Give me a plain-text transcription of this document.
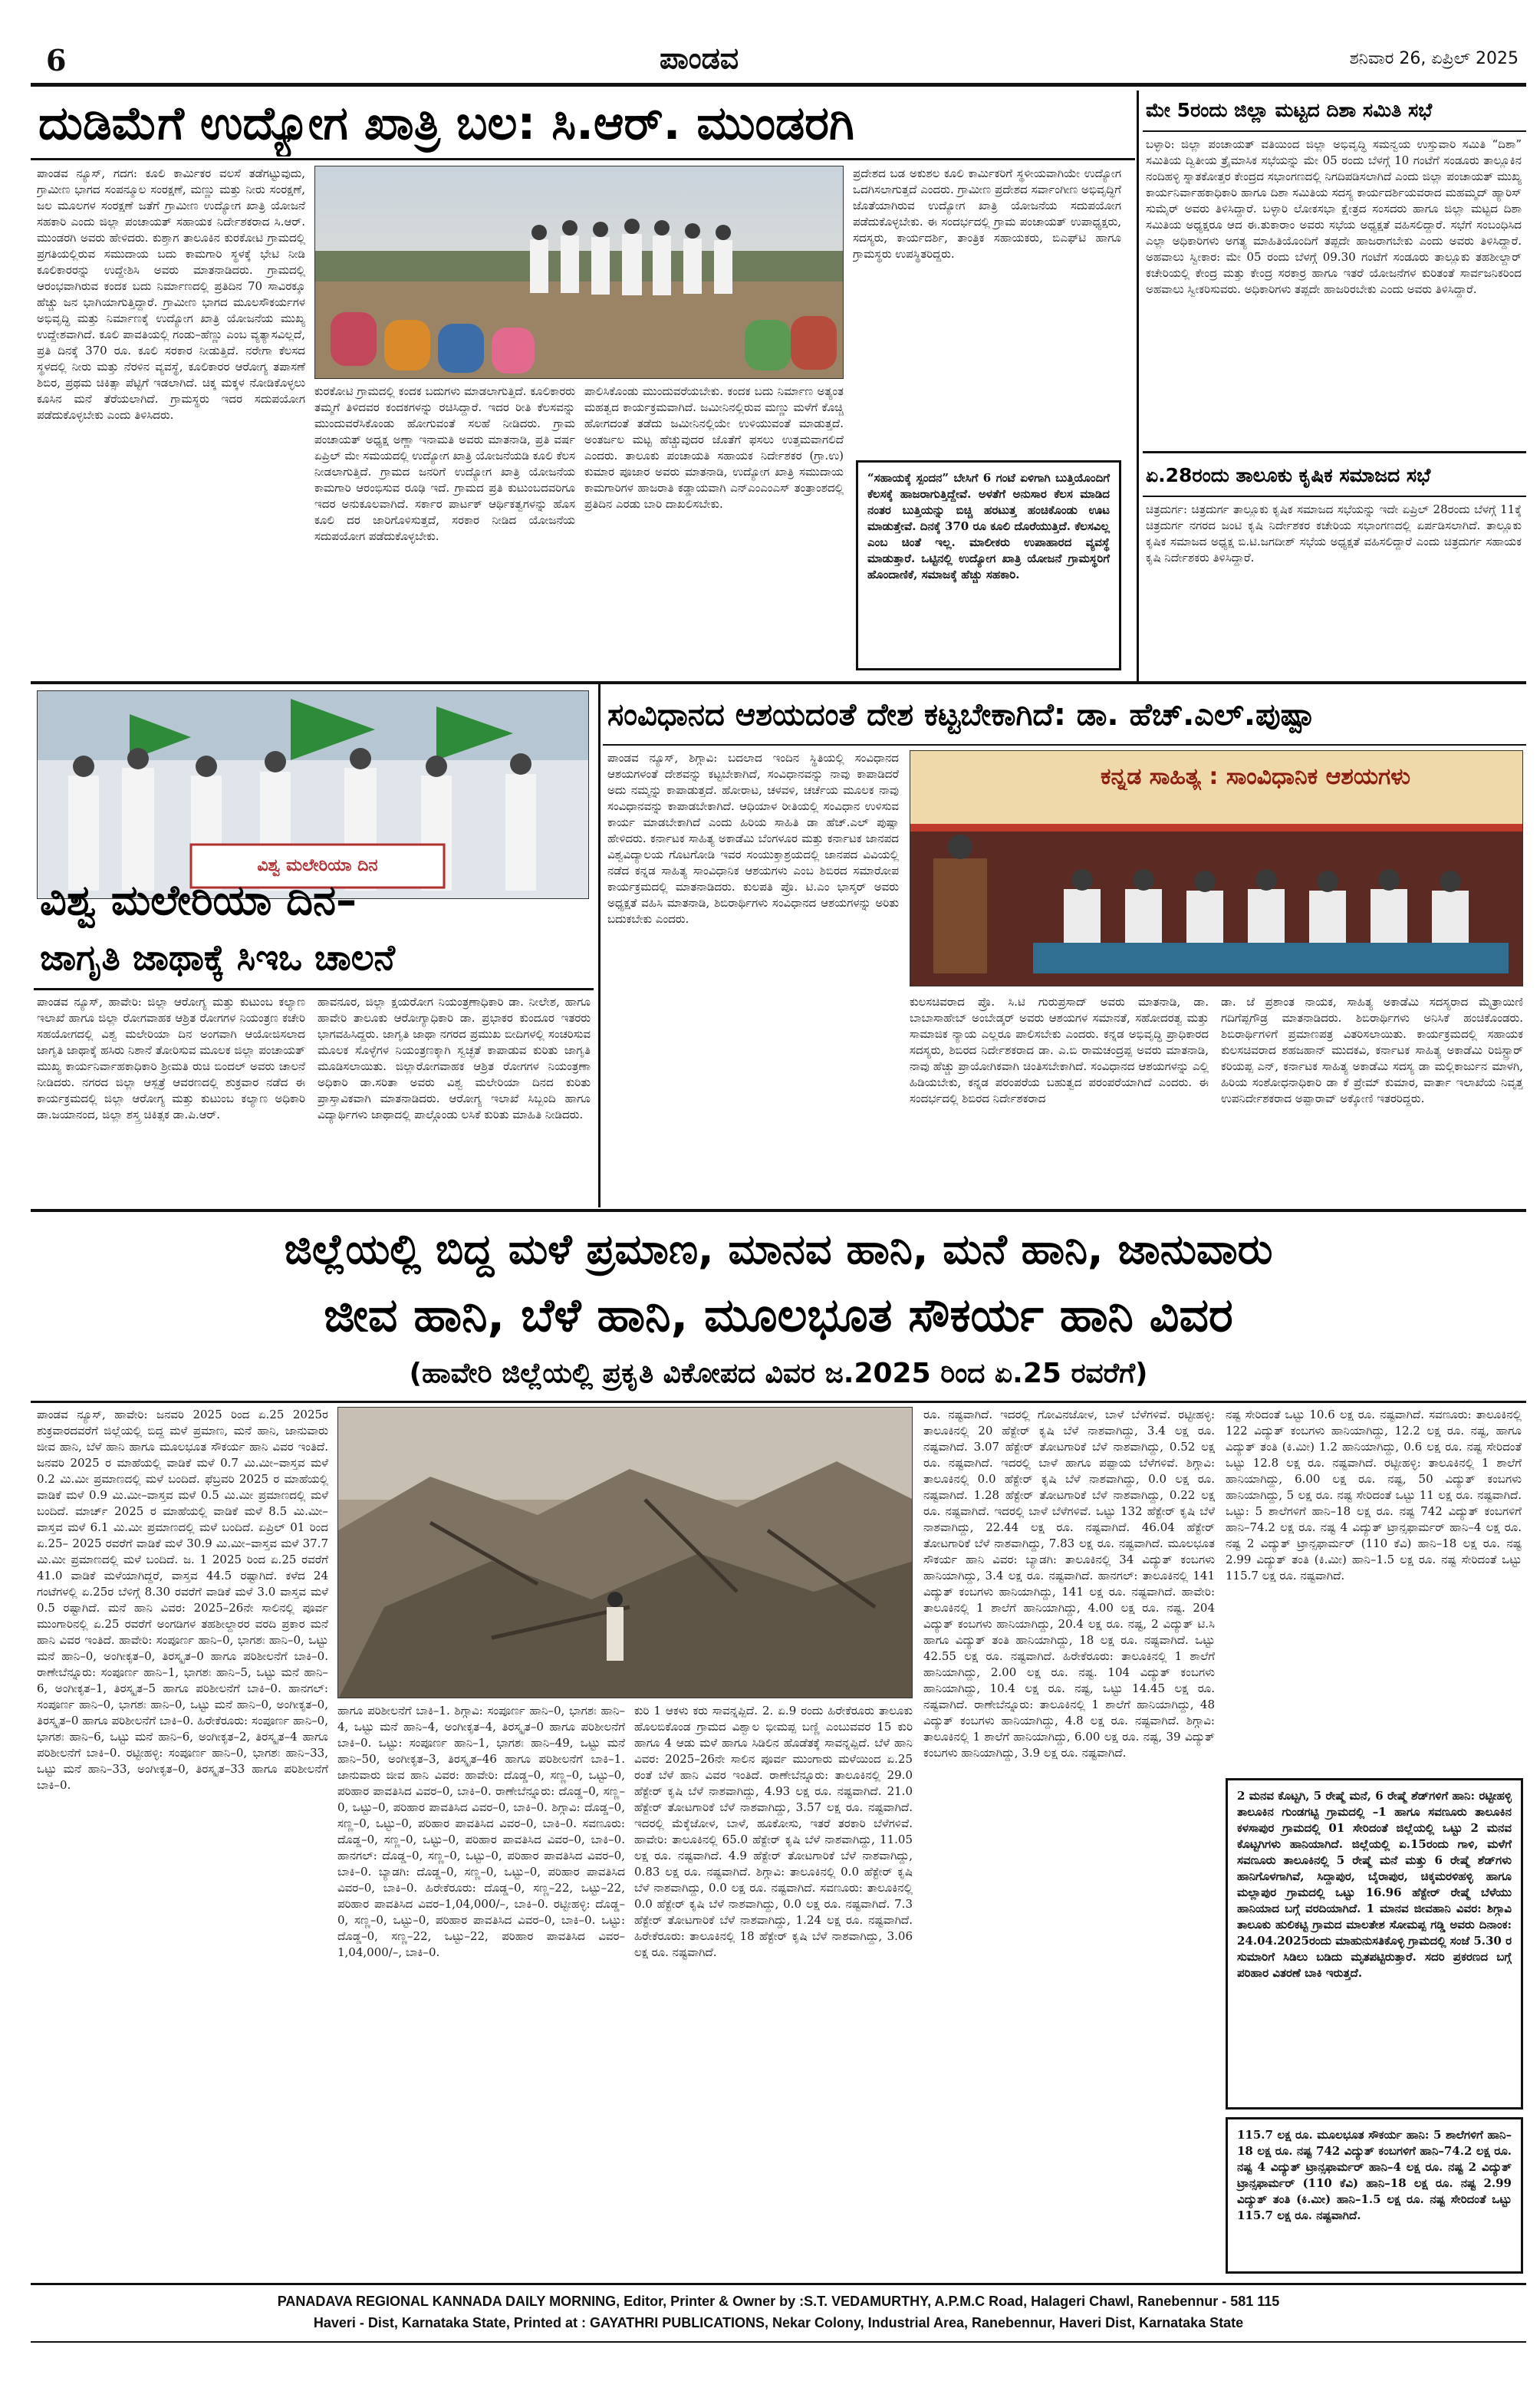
6	ಪಾಂಡವ	ಶನಿವಾರ 26, ಏಪ್ರಿಲ್ 2025
ದುಡಿಮೆಗೆ ಉದ್ಯೋಗ ಖಾತ್ರಿ ಬಲ: ಸಿ.ಆರ್. ಮುಂಡರಗಿ
ಪಾಂಡವ ನ್ಯೂಸ್, ಗದಗ: ಕೂಲಿ ಕಾರ್ಮಿಕರ ವಲಸೆ ತಡೆಗಟ್ಟುವುದು, ಗ್ರಾಮೀಣ ಭಾಗದ ಸಂಪನ್ಮೂಲ ಸಂರಕ್ಷಣೆ, ಮಣ್ಣು ಮತ್ತು ನೀರು ಸಂರಕ್ಷಣೆ, ಜಲ ಮೂಲಗಳ ಸಂರಕ್ಷಣೆ ಜತೆಗೆ ಗ್ರಾಮೀಣ ಉದ್ಯೋಗ ಖಾತ್ರಿ ಯೋಜನೆ ಸಹಕಾರಿ ಎಂದು ಜಿಲ್ಲಾ ಪಂಚಾಯತ್ ಸಹಾಯಕ ನಿರ್ದೇಶಕರಾದ ಸಿ.ಆರ್. ಮುಂಡರಗಿ ಅವರು ಹೇಳಿದರು. ಕುಶ್ತಾಗ ತಾಲೂಕಿನ ಕುರಕೋಟಿ ಗ್ರಾಮದಲ್ಲಿ ಪ್ರಗತಿಯಲ್ಲಿರುವ ಸಮುದಾಯ ಬದು ಕಾಮಗಾರಿ ಸ್ಥಳಕ್ಕೆ ಭೇಟಿ ನೀಡಿ ಕೂಲಿಕಾರರನ್ನು ಉದ್ದೇಶಿಸಿ ಅವರು ಮಾತನಾಡಿದರು. ಗ್ರಾಮದಲ್ಲಿ ಆರಂಭವಾಗಿರುವ ಕಂದಕ ಬದು ನಿರ್ಮಾಣದಲ್ಲಿ ಪ್ರತಿದಿನ 70 ಸಾವಿರಕ್ಕೂ ಹೆಚ್ಚು ಜನ ಭಾಗಿಯಾಗುತ್ತಿದ್ದಾರೆ. ಗ್ರಾಮೀಣ ಭಾಗದ ಮೂಲಸೌಕರ್ಯಗಳ ಅಭಿವೃದ್ಧಿ ಮತ್ತು ನಿರ್ಮಾಣಕ್ಕೆ ಉದ್ಯೋಗ ಖಾತ್ರಿ ಯೋಜನೆಯ ಮುಖ್ಯ ಉದ್ದೇಶವಾಗಿದೆ. ಕೂಲಿ ಪಾವತಿಯಲ್ಲಿ ಗಂಡು–ಹೆಣ್ಣು ಎಂಬ ವ್ಯತ್ಯಾಸವಿಲ್ಲದೆ, ಪ್ರತಿ ದಿನಕ್ಕೆ 370 ರೂ. ಕೂಲಿ ಸರಕಾರ ನೀಡುತ್ತಿದೆ. ನರೇಗಾ ಕೆಲಸದ ಸ್ಥಳದಲ್ಲಿ ನೀರು ಮತ್ತು ನೆರಳಿನ ವ್ಯವಸ್ಥೆ, ಕೂಲಿಕಾರರ ಆರೋಗ್ಯ ತಪಾಸಣೆ ಶಿಬಿರ, ಪ್ರಥಮ ಚಿಕಿತ್ಸಾ ಪೆಟ್ಟಿಗೆ ಇಡಲಾಗಿದೆ. ಚಿಕ್ಕ ಮಕ್ಕಳ ನೋಡಿಕೊಳ್ಳಲು ಕೂಸಿನ ಮನೆ ತೆರೆಯಲಾಗಿದೆ. ಗ್ರಾಮಸ್ಥರು ಇದರ ಸದುಪಯೋಗ ಪಡೆದುಕೊಳ್ಳಬೇಕು ಎಂದು ತಿಳಿಸಿದರು.
ಕುರಕೋಟಿ ಗ್ರಾಮದಲ್ಲಿ ಕಂದಕ ಬದುಗಳು ಮಾಡಲಾಗುತ್ತಿದೆ. ಕೂಲಿಕಾರರು ತಮ್ಮಗೆ ತಿಳಿದವರ ಕಂದಕಗಳನ್ನು ರಚಿಸಿದ್ದಾರೆ. ಇದರ ರೀತಿ ಕೆಲಸವನ್ನು ಮುಂದುವರೆಸಿಕೊಂಡು ಹೋಗುವಂತೆ ಸಲಹೆ ನೀಡಿದರು. ಗ್ರಾಮ ಪಂಚಾಯತ್ ಅಧ್ಯಕ್ಷ ಅಣ್ಣಾ ಇನಾಮತಿ ಅವರು ಮಾತನಾಡಿ, ಪ್ರತಿ ವರ್ಷ ಏಪ್ರಿಲ್ ಮೇ ಸಮಯದಲ್ಲಿ ಉದ್ಯೋಗ ಖಾತ್ರಿ ಯೋಜನೆಯಡಿ ಕೂಲಿ ಕೆಲಸ ನೀಡಲಾಗುತ್ತಿದೆ. ಗ್ರಾಮದ ಜನರಿಗೆ ಉದ್ಯೋಗ ಖಾತ್ರಿ ಯೋಜನೆಯ ಕಾಮಗಾರಿ ಆರಂಭಿಸುವ ರೂಢಿ ಇದೆ. ಗ್ರಾಮದ ಪ್ರತಿ ಕುಟುಂಬದವರಿಗೂ ಇದರ ಅನುಕೂಲವಾಗಿದೆ. ಸರ್ಕಾರ ಪಾರ್ಟಕ್ ಆರ್ಥಿಕತ್ವಗಳನ್ನು ಹೊಸ ಕೂಲಿ ದರ ಜಾರಿಗೊಳಿಸುತ್ತದೆ, ಸರಕಾರ ನೀಡಿದ ಯೋಜನೆಯ ಸದುಪಯೋಗ ಪಡೆದುಕೊಳ್ಳಬೇಕು.
ಪಾಲಿಸಿಕೊಂಡು ಮುಂದುವರೆಯಬೇಕು. ಕಂದಕ ಬದು ನಿರ್ಮಾಣ ಅತ್ಯಂತ ಮಹತ್ವದ ಕಾರ್ಯಕ್ರಮವಾಗಿದೆ. ಜಮೀನಿನಲ್ಲಿರುವ ಮಣ್ಣು ಮಳೆಗೆ ಕೊಚ್ಚಿ ಹೋಗದಂತೆ ತಡೆದು ಜಮೀನಿನಲ್ಲಿಯೇ ಉಳಿಯುವಂತೆ ಮಾಡುತ್ತದೆ. ಅಂತರ್ಜಲ ಮಟ್ಟ ಹೆಚ್ಚುವುದರ ಜೊತೆಗೆ ಫಸಲು ಉತ್ತಮವಾಗಲಿದೆ ಎಂದರು. ತಾಲೂಕು ಪಂಚಾಯತಿ ಸಹಾಯಕ ನಿರ್ದೇಶಕರ (ಗ್ರಾ.ಉ) ಕುಮಾರ ಪೂಜಾರ ಅವರು ಮಾತನಾಡಿ, ಉದ್ಯೋಗ ಖಾತ್ರಿ ಸಮುದಾಯ ಕಾಮಗಾರಿಗಳ ಹಾಜರಾತಿ ಕಡ್ಡಾಯವಾಗಿ ಎನ್‌ಎಂಎಂಎಸ್ ತಂತ್ರಾಂಶದಲ್ಲಿ ಪ್ರತಿದಿನ ಎರಡು ಬಾರಿ ದಾಖಲಿಸಬೇಕು.
ಪ್ರದೇಶದ ಬಡ ಅಕುಶಲ ಕೂಲಿ ಕಾರ್ಮಿಕರಿಗೆ ಸ್ಥಳೀಯವಾಗಿಯೇ ಉದ್ಯೋಗ ಒದಗಿಸಲಾಗುತ್ತದೆ ಎಂದರು. ಗ್ರಾಮೀಣ ಪ್ರದೇಶದ ಸರ್ವಾಂಗೀಣ ಅಭಿವೃದ್ಧಿಗೆ ಜೊತೆಯಾಗಿರುವ ಉದ್ಯೋಗ ಖಾತ್ರಿ ಯೋಜನೆಯ ಸದುಪಯೋಗ ಪಡೆದುಕೊಳ್ಳಬೇಕು. ಈ ಸಂದರ್ಭದಲ್ಲಿ ಗ್ರಾಮ ಪಂಚಾಯತ್ ಉಪಾಧ್ಯಕ್ಷರು, ಸದಸ್ಯರು, ಕಾರ್ಯದರ್ಶಿ, ತಾಂತ್ರಿಕ ಸಹಾಯಕರು, ಬಿಎಫ್‌ಟಿ ಹಾಗೂ ಗ್ರಾಮಸ್ಥರು ಉಪಸ್ಥಿತರಿದ್ದರು.
“ಸಹಾಯಕ್ಕೆ ಸ್ಪಂದನ” ಬೇಸಿಗೆ 6 ಗಂಟೆ ಏಳಿಗಾಗಿ ಬುತ್ತಿಯೊಂದಿಗೆ ಕೆಲಸಕ್ಕೆ ಹಾಜರಾಗುತ್ತಿದ್ದೇವೆ. ಅಳತೆಗೆ ಅನುಸಾರ ಕೆಲಸ ಮಾಡಿದ ನಂತರ ಬುತ್ತಿಯನ್ನು ಬಿಚ್ಚಿ ಹರಟುತ್ತ ಹಂಚಿಕೊಂಡು ಊಟ ಮಾಡುತ್ತೇವೆ. ದಿನಕ್ಕೆ 370 ರೂ ಕೂಲಿ ದೊರೆಯುತ್ತಿದೆ. ಕೆಲಸವಿಲ್ಲ ಎಂಬ ಚಿಂತೆ ಇಲ್ಲ. ಮಾಲೀಕರು ಉಪಾಹಾರದ ವ್ಯವಸ್ಥೆ ಮಾಡುತ್ತಾರೆ. ಒಟ್ಟಿನಲ್ಲಿ ಉದ್ಯೋಗ ಖಾತ್ರಿ ಯೋಜನೆ ಗ್ರಾಮಸ್ಥರಿಗೆ ಹೊಂದಾಣಿಕೆ, ಸಮಾಜಕ್ಕೆ ಹೆಚ್ಚು ಸಹಕಾರಿ.
ಮೇ 5ರಂದು ಜಿಲ್ಲಾ ಮಟ್ಟದ ದಿಶಾ ಸಮಿತಿ ಸಭೆ
ಬಳ್ಳಾರಿ: ಜಿಲ್ಲಾ ಪಂಚಾಯತ್ ವತಿಯಿಂದ ಜಿಲ್ಲಾ ಅಭಿವೃದ್ಧಿ ಸಮನ್ವಯ ಉಸ್ತುವಾರಿ ಸಮಿತಿ “ದಿಶಾ” ಸಮಿತಿಯ ದ್ವಿತೀಯ ತ್ರೈಮಾಸಿಕ ಸಭೆಯನ್ನು ಮೇ 05 ರಂದು ಬೆಳಗ್ಗೆ 10 ಗಂಟೆಗೆ ಸಂಡೂರು ತಾಲ್ಲೂಕಿನ ನಂದಿಹಳ್ಳಿ ಸ್ನಾತಕೋತ್ತರ ಕೇಂದ್ರದ ಸಭಾಂಗಣದಲ್ಲಿ ನಿಗದಿಪಡಿಸಲಾಗಿದೆ ಎಂದು ಜಿಲ್ಲಾ ಪಂಚಾಯತ್ ಮುಖ್ಯ ಕಾರ್ಯನಿರ್ವಾಹಕಾಧಿಕಾರಿ ಹಾಗೂ ದಿಶಾ ಸಮಿತಿಯ ಸದಸ್ಯ ಕಾರ್ಯದರ್ಶಿಯವರಾದ ಮಹಮ್ಮದ್ ಹ್ಯಾರಿಸ್ ಸುಮೈರ್ ಅವರು ತಿಳಿಸಿದ್ದಾರೆ. ಬಳ್ಳಾರಿ ಲೋಕಸಭಾ ಕ್ಷೇತ್ರದ ಸಂಸದರು ಹಾಗೂ ಜಿಲ್ಲಾ ಮಟ್ಟದ ದಿಶಾ ಸಮಿತಿಯ ಅಧ್ಯಕ್ಷರೂ ಆದ ಈ.ತುಕಾರಾಂ ಅವರು ಸಭೆಯ ಅಧ್ಯಕ್ಷತೆ ವಹಿಸಲಿದ್ದಾರೆ. ಸಭೆಗೆ ಸಂಬಂಧಿಸಿದ ಎಲ್ಲಾ ಅಧಿಕಾರಿಗಳು ಅಗತ್ಯ ಮಾಹಿತಿಯೊಂದಿಗೆ ತಪ್ಪದೇ ಹಾಜರಾಗಬೇಕು ಎಂದು ಅವರು ತಿಳಿಸಿದ್ದಾರೆ. ಅಹವಾಲು ಸ್ವೀಕಾರ: ಮೇ 05 ರಂದು ಬೆಳಗ್ಗೆ 09.30 ಗಂಟೆಗೆ ಸಂಡೂರು ತಾಲ್ಲೂಕು ತಹಶೀಲ್ದಾರ್ ಕಚೇರಿಯಲ್ಲಿ ಕೇಂದ್ರ ಮತ್ತು ಕೇಂದ್ರ ಸರಕಾರ್ರ ಹಾಗೂ ಇತರೆ ಯೋಜನೆಗಳ ಕುರಿತಂತೆ ಸಾರ್ವಜನಿಕರಿಂದ ಅಹವಾಲು ಸ್ವೀಕರಿಸುವರು. ಅಧಿಕಾರಿಗಳು ತಪ್ಪದೇ ಹಾಜರಿರಬೇಕು ಎಂದು ಅವರು ತಿಳಿಸಿದ್ದಾರೆ.
ಏ.28ರಂದು ತಾಲೂಕು ಕೃಷಿಕ ಸಮಾಜದ ಸಭೆ
ಚಿತ್ರದುರ್ಗ: ಚಿತ್ರದುರ್ಗ ತಾಲ್ಲೂಕು ಕೃಷಿಕ ಸಮಾಜದ ಸಭೆಯನ್ನು ಇದೇ ಏಪ್ರಿಲ್ 28ರಂದು ಬೆಳಗ್ಗೆ 11ಕ್ಕೆ ಚಿತ್ರದುರ್ಗ ನಗರದ ಜಂಟಿ ಕೃಷಿ ನಿರ್ದೇಶಕರ ಕಚೇರಿಯ ಸಭಾಂಗಣದಲ್ಲಿ ಏರ್ಪಡಿಸಲಾಗಿದೆ. ತಾಲ್ಲೂಕು ಕೃಷಿಕ ಸಮಾಜದ ಅಧ್ಯಕ್ಷ ಬಿ.ಟಿ.ಜಗದೀಶ್ ಸಭೆಯ ಅಧ್ಯಕ್ಷತೆ ವಹಿಸಲಿದ್ದಾರೆ ಎಂದು ಚಿತ್ರದುರ್ಗ ಸಹಾಯಕ ಕೃಷಿ ನಿರ್ದೇಶಕರು ತಿಳಿಸಿದ್ದಾರೆ.
ವಿಶ್ವ ಮಲೇರಿಯಾ ದಿನ
ವಿಶ್ವ ಮಲೇರಿಯಾ ದಿನ–
ಜಾಗೃತಿ ಜಾಥಾಕ್ಕೆ ಸಿಇಒ ಚಾಲನೆ
ಪಾಂಡವ ನ್ಯೂಸ್, ಹಾವೇರಿ: ಜಿಲ್ಲಾ ಆರೋಗ್ಯ ಮತ್ತು ಕುಟುಂಬ ಕಲ್ಯಾಣ ಇಲಾಖೆ ಹಾಗೂ ಜಿಲ್ಲಾ ರೋಗವಾಹಕ ಆಶ್ರಿತ ರೋಗಗಳ ನಿಯಂತ್ರಣ ಕಚೇರಿ ಸಹಯೋಗದಲ್ಲಿ ವಿಶ್ವ ಮಲೇರಿಯಾ ದಿನ ಅಂಗವಾಗಿ ಆಯೋಜಿಸಲಾದ ಜಾಗೃತಿ ಜಾಥಾಕ್ಕೆ ಹಸಿರು ನಿಶಾನೆ ತೋರಿಸುವ ಮೂಲಕ ಜಿಲ್ಲಾ ಪಂಚಾಯತ್ ಮುಖ್ಯ ಕಾರ್ಯನಿರ್ವಾಹಕಾಧಿಕಾರಿ ಶ್ರೀಮತಿ ರುಚಿ ಬಿಂದಲ್ ಅವರು ಚಾಲನೆ ನೀಡಿದರು. ನಗರದ ಜಿಲ್ಲಾ ಆಸ್ಪತ್ರೆ ಆವರಣದಲ್ಲಿ ಶುಕ್ರವಾರ ನಡೆದ ಈ ಕಾರ್ಯಕ್ರಮದಲ್ಲಿ ಜಿಲ್ಲಾ ಆರೋಗ್ಯ ಮತ್ತು ಕುಟುಂಬ ಕಲ್ಯಾಣ ಅಧಿಕಾರಿ ಡಾ.ಜಯಾನಂದ, ಜಿಲ್ಲಾ ಶಸ್ತ್ರ ಚಿಕಿತ್ಸಕ ಡಾ.ಪಿ.ಆರ್.
ಹಾವನೂರ, ಜಿಲ್ಲಾ ಕ್ಷಯರೋಗ ನಿಯಂತ್ರಣಾಧಿಕಾರಿ ಡಾ. ನೀಲೇಶ, ಹಾಗೂ ಹಾವೇರಿ ತಾಲೂಕು ಆರೋಗ್ಯಾಧಿಕಾರಿ ಡಾ. ಪ್ರಭಾಕರ ಕುಂದೂರ ಇತರರು ಭಾಗವಹಿಸಿದ್ದರು. ಜಾಗೃತಿ ಜಾಥಾ ನಗರದ ಪ್ರಮುಖ ಬೀದಿಗಳಲ್ಲಿ ಸಂಚರಿಸುವ ಮೂಲಕ ಸೊಳ್ಳೆಗಳ ನಿಯಂತ್ರಣಕ್ಕಾಗಿ ಸ್ವಚ್ಛತೆ ಕಾಪಾಡುವ ಕುರಿತು ಜಾಗೃತಿ ಮೂಡಿಸಲಾಯಿತು. ಜಿಲ್ಲಾರೋಗವಾಹಕ ಆಶ್ರಿತ ರೋಗಗಳ ನಿಯಂತ್ರಣಾ ಅಧಿಕಾರಿ ಡಾ.ಸರಿತಾ ಅವರು ವಿಶ್ವ ಮಲೇರಿಯಾ ದಿನದ ಕುರಿತು ಪ್ರಾಸ್ತಾವಿಕವಾಗಿ ಮಾತನಾಡಿದರು. ಆರೋಗ್ಯ ಇಲಾಖೆ ಸಿಬ್ಬಂದಿ ಹಾಗೂ ವಿದ್ಯಾರ್ಥಿಗಳು ಜಾಥಾದಲ್ಲಿ ಪಾಲ್ಗೊಂಡು ಲಸಿಕೆ ಕುರಿತು ಮಾಹಿತಿ ನೀಡಿದರು.
ಸಂವಿಧಾನದ ಆಶಯದಂತೆ ದೇಶ ಕಟ್ಟಬೇಕಾಗಿದೆ: ಡಾ. ಹೆಚ್.ಎಲ್.ಪುಷ್ಪಾ
ಪಾಂಡವ ನ್ಯೂಸ್, ಶಿಗ್ಗಾವಿ: ಬದಲಾದ ಇಂದಿನ ಸ್ಥಿತಿಯಲ್ಲಿ ಸಂವಿಧಾನದ ಆಶಯಗಳಂತೆ ದೇಶವನ್ನು ಕಟ್ಟಬೇಕಾಗಿದೆ, ಸಂವಿಧಾನವನ್ನು ನಾವು ಕಾಪಾಡಿದರೆ ಅದು ನಮ್ಮನ್ನು ಕಾಪಾಡುತ್ತದೆ. ಹೋರಾಟ, ಚಳವಳಿ, ಚರ್ಚೆಯ ಮೂಲಕ ನಾವು ಸಂವಿಧಾನವನ್ನು ಕಾಪಾಡಬೇಕಾಗಿದೆ. ಆಧಿಯಾಳ ರೀತಿಯಲ್ಲಿ ಸಂವಿಧಾನ ಉಳಿಸುವ ಕಾರ್ಯ ಮಾಡಬೇಕಾಗಿದೆ ಎಂದು ಹಿರಿಯ ಸಾಹಿತಿ ಡಾ ಹೆಚ್.ಎಲ್ ಪುಷ್ಪಾ ಹೇಳಿದರು. ಕರ್ನಾಟಕ ಸಾಹಿತ್ಯ ಅಕಾಡೆಮಿ ಬೆಂಗಳೂರ ಮತ್ತು ಕರ್ನಾಟಕ ಜಾನಪದ ವಿಶ್ವವಿದ್ಯಾಲಯ ಗೊಟಗೋಡಿ ಇವರ ಸಂಯುಕ್ತಾಶ್ರಯದಲ್ಲಿ ಜಾನಪದ ವಿವಿಯಲ್ಲಿ ನಡೆದ ಕನ್ನಡ ಸಾಹಿತ್ಯ ಸಾಂವಿಧಾನಿಕ ಆಶಯಗಳು ಎಂಬ ಶಿಬಿರದ ಸಮಾರೋಪ ಕಾರ್ಯಕ್ರಮದಲ್ಲಿ ಮಾತನಾಡಿದರು. ಕುಲಪತಿ ಪ್ರೊ. ಟಿ.ಎಂ ಭಾಸ್ಕರ್ ಅವರು ಅಧ್ಯಕ್ಷತೆ ವಹಿಸಿ ಮಾತನಾಡಿ, ಶಿಬಿರಾರ್ಥಿಗಳು ಸಂವಿಧಾನದ ಆಶಯಗಳನ್ನು ಅರಿತು ಬದುಕಬೇಕು ಎಂದರು.
ಕನ್ನಡ ಸಾಹಿತ್ಯ : ಸಾಂವಿಧಾನಿಕ ಆಶಯಗಳು
ಕುಲಸಚಿವರಾದ ಪ್ರೊ. ಸಿ.ಟಿ ಗುರುಪ್ರಸಾದ್ ಅವರು ಮಾತನಾಡಿ, ಡಾ. ಬಾಬಾಸಾಹೇಬ್ ಅಂಬೇಡ್ಕರ್ ಅವರು ಆಶಯಗಳ ಸಮಾನತೆ, ಸಹೋದರತ್ವ ಮತ್ತು ಸಾಮಾಜಿಕ ನ್ಯಾಯ ಎಲ್ಲರೂ ಪಾಲಿಸಬೇಕು ಎಂದರು. ಕನ್ನಡ ಅಭಿವೃದ್ಧಿ ಪ್ರಾಧಿಕಾರದ ಸದಸ್ಯರು, ಶಿಬಿರದ ನಿರ್ದೇಶಕರಾದ ಡಾ. ಎ.ಬಿ ರಾಮಚಂದ್ರಪ್ಪ ಅವರು ಮಾತನಾಡಿ, ನಾವು ಹೆಚ್ಚು ಪ್ರಾಯೋಗಿಕವಾಗಿ ಚಿಂತಿಸಬೇಕಾಗಿದೆ. ಸಂವಿಧಾನದ ಆಶಯಗಳನ್ನು ಎಲ್ಲಿ ಹಿಡಿಯಬೇಕು, ಕನ್ನಡ ಪರಂಪರೆಯ ಬಹುತ್ವದ ಪರಂಪರೆಯಾಗಿದೆ ಎಂದರು. ಈ ಸಂದರ್ಭದಲ್ಲಿ ಶಿಬಿರದ ನಿರ್ದೇಶಕರಾದ
ಡಾ. ಜೆ ಪ್ರಶಾಂತ ನಾಯಕ, ಸಾಹಿತ್ಯ ಅಕಾಡೆಮಿ ಸದಸ್ಯರಾದ ಮೈತ್ರಾಯಿಣಿ ಗದಿಗೆಪ್ಪಗೌಡ್ರ ಮಾತನಾಡಿದರು. ಶಿಬಿರಾರ್ಥಿಗಳು ಅನಿಸಿಕೆ ಹಂಚಿಕೊಂಡರು. ಶಿಬಿರಾರ್ಥಿಗಳಿಗೆ ಪ್ರಮಾಣಪತ್ರ ವಿತರಿಸಲಾಯಿತು. ಕಾರ್ಯಕ್ರಮದಲ್ಲಿ ಸಹಾಯಕ ಕುಲಸಚಿವರಾದ ಶಹಜಹಾನ್ ಮುದಕವಿ, ಕರ್ನಾಟಕ ಸಾಹಿತ್ಯ ಅಕಾಡೆಮಿ ರಿಜಿಸ್ಟ್ರಾರ್ ಕರಿಯಪ್ಪ ಎನ್, ಕರ್ನಾಟಕ ಸಾಹಿತ್ಯ ಅಕಾಡೆಮಿ ಸದಸ್ಯ ಡಾ ಮಲ್ಲಿಕಾರ್ಜುನ ಮಾಳಗಿ, ಹಿರಿಯ ಸಂಶೋಧನಾಧಿಕಾರಿ ಡಾ ಕೆ ಪ್ರೇಮ್ ಕುಮಾರ, ವಾರ್ತಾ ಇಲಾಖೆಯ ನಿವೃತ್ತ ಉಪನಿರ್ದೇಶಕರಾದ ಅಪ್ಪಾರಾವ್ ಅಕ್ಕೋಣಿ ಇತರರಿದ್ದರು.
ಜಿಲ್ಲೆಯಲ್ಲಿ ಬಿದ್ದ ಮಳೆ ಪ್ರಮಾಣ, ಮಾನವ ಹಾನಿ, ಮನೆ ಹಾನಿ, ಜಾನುವಾರು
ಜೀವ ಹಾನಿ, ಬೆಳೆ ಹಾನಿ, ಮೂಲಭೂತ ಸೌಕರ್ಯ ಹಾನಿ ವಿವರ
(ಹಾವೇರಿ ಜಿಲ್ಲೆಯಲ್ಲಿ ಪ್ರಕೃತಿ ವಿಕೋಪದ ವಿವರ ಜ.2025 ರಿಂದ ಏ.25 ರವರೆಗೆ)
ಪಾಂಡವ ನ್ಯೂಸ್, ಹಾವೇರಿ: ಜನವರಿ 2025 ರಿಂದ ಏ.25 2025ರ ಶುಕ್ರವಾರದವರೆಗೆ ಜಿಲ್ಲೆಯಲ್ಲಿ ಬಿದ್ದ ಮಳೆ ಪ್ರಮಾಣ, ಮನೆ ಹಾನಿ, ಜಾನುವಾರು ಜೀವ ಹಾನಿ, ಬೆಳೆ ಹಾನಿ ಹಾಗೂ ಮೂಲಭೂತ ಸೌಕರ್ಯ ಹಾನಿ ವಿವರ ಇಂತಿದೆ. ಜನವರಿ 2025 ರ ಮಾಹೆಯಲ್ಲಿ ವಾಡಿಕೆ ಮಳೆ 0.7 ಮಿ.ಮೀ–ವಾಸ್ತವ ಮಳೆ 0.2 ಮಿ.ಮೀ ಪ್ರಮಾಣದಲ್ಲಿ ಮಳೆ ಬಂದಿದೆ. ಫೆಬ್ರವರಿ 2025 ರ ಮಾಹೆಯಲ್ಲಿ ವಾಡಿಕೆ ಮಳೆ 0.9 ಮಿ.ಮೀ–ವಾಸ್ತವ ಮಳೆ 0.5 ಮಿ.ಮೀ ಪ್ರಮಾಣದಲ್ಲಿ ಮಳೆ ಬಂದಿದೆ. ಮಾರ್ಚ್ 2025 ರ ಮಾಹೆಯಲ್ಲಿ ವಾಡಿಕೆ ಮಳೆ 8.5 ಮಿ.ಮೀ–ವಾಸ್ತವ ಮಳೆ 6.1 ಮಿ.ಮೀ ಪ್ರಮಾಣದಲ್ಲಿ ಮಳೆ ಬಂದಿದೆ. ಏಪ್ರಿಲ್ 01 ರಿಂದ ಏ.25– 2025 ರವರೆಗೆ ವಾಡಿಕೆ ಮಳೆ 30.9 ಮಿ.ಮೀ–ವಾಸ್ತವ ಮಳೆ 37.7 ಮಿ.ಮೀ ಪ್ರಮಾಣದಲ್ಲಿ ಮಳೆ ಬಂದಿದೆ. ಜ. 1 2025 ರಿಂದ ಏ.25 ರವರೆಗೆ 41.0 ವಾಡಿಕೆ ಮಳೆಯಾಗಿದ್ದರೆ, ವಾಸ್ತವ 44.5 ರಷ್ಟಾಗಿದೆ. ಕಳೆದ 24 ಗಂಟೆಗಳಲ್ಲಿ ಏ.25ರ ಬೆಳಿಗ್ಗೆ 8.30 ರವರೆಗೆ ವಾಡಿಕೆ ಮಳೆ 3.0 ವಾಸ್ತವ ಮಳೆ 0.5 ರಷ್ಟಾಗಿದೆ. ಮನೆ ಹಾನಿ ವಿವರ: 2025–26ನೇ ಸಾಲಿನಲ್ಲಿ ಪೂರ್ವ ಮುಂಗಾರಿನಲ್ಲಿ ಏ.25 ರವರೆಗೆ ಅಂಗಡಿಗಳ ತಹಶೀಲ್ದಾರರ ವರದಿ ಪ್ರಕಾರ ಮನೆ ಹಾನಿ ವಿವರ ಇಂತಿದೆ. ಹಾವೇರಿ: ಸಂಪೂರ್ಣ ಹಾನಿ–0, ಭಾಗಶಃ ಹಾನಿ–0, ಒಟ್ಟು ಮನೆ ಹಾನಿ–0, ಅಂಗೀಕೃತ–0, ತಿರಸ್ಕೃತ–0 ಹಾಗೂ ಪರಿಶೀಲನೆಗೆ ಬಾಕಿ–0. ರಾಣೇಬೆನ್ನೂರು: ಸಂಪೂರ್ಣ ಹಾನಿ–1, ಭಾಗಶಃ ಹಾನಿ–5, ಒಟ್ಟು ಮನೆ ಹಾನಿ–6, ಅಂಗೀಕೃತ–1, ತಿರಸ್ಕೃತ–5 ಹಾಗೂ ಪರಿಶೀಲನೆಗೆ ಬಾಕಿ–0. ಹಾನಗಲ್: ಸಂಪೂರ್ಣ ಹಾನಿ–0, ಭಾಗಶಃ ಹಾನಿ–0, ಒಟ್ಟು ಮನೆ ಹಾನಿ–0, ಅಂಗೀಕೃತ–0, ತಿರಸ್ಕೃತ–0 ಹಾಗೂ ಪರಿಶೀಲನೆಗೆ ಬಾಕಿ–0. ಹಿರೇಕೆರೂರು: ಸಂಪೂರ್ಣ ಹಾನಿ–0, ಭಾಗಶಃ ಹಾನಿ–6, ಒಟ್ಟು ಮನೆ ಹಾನಿ–6, ಅಂಗೀಕೃತ–2, ತಿರಸ್ಕೃತ–4 ಹಾಗೂ ಪರಿಶೀಲನೆಗೆ ಬಾಕಿ–0. ರಟ್ಟೀಹಳ್ಳಿ: ಸಂಪೂರ್ಣ ಹಾನಿ–0, ಭಾಗಶಃ ಹಾನಿ–33, ಒಟ್ಟು ಮನೆ ಹಾನಿ–33, ಅಂಗೀಕೃತ–0, ತಿರಸ್ಕೃತ–33 ಹಾಗೂ ಪರಿಶೀಲನೆಗೆ ಬಾಕಿ–0.
ಹಾಗೂ ಪರಿಶೀಲನೆಗೆ ಬಾಕಿ–1. ಶಿಗ್ಗಾವಿ: ಸಂಪೂರ್ಣ ಹಾನಿ–0, ಭಾಗಶಃ ಹಾನಿ–4, ಒಟ್ಟು ಮನೆ ಹಾನಿ–4, ಅಂಗೀಕೃತ–4, ತಿರಸ್ಕೃತ–0 ಹಾಗೂ ಪರಿಶೀಲನೆಗೆ ಬಾಕಿ–0. ಒಟ್ಟು: ಸಂಪೂರ್ಣ ಹಾನಿ–1, ಭಾಗಶಃ ಹಾನಿ–49, ಒಟ್ಟು ಮನೆ ಹಾನಿ–50, ಅಂಗೀಕೃತ–3, ತಿರಸ್ಕೃತ–46 ಹಾಗೂ ಪರಿಶೀಲನೆಗೆ ಬಾಕಿ–1. ಜಾನುವಾರು ಜೀವ ಹಾನಿ ವಿವರ: ಹಾವೇರಿ: ದೊಡ್ಡ–0, ಸಣ್ಣ–0, ಒಟ್ಟು–0, ಪರಿಹಾರ ಪಾವತಿಸಿದ ವಿವರ–0, ಬಾಕಿ–0. ರಾಣೇಬೆನ್ನೂರು: ದೊಡ್ಡ–0, ಸಣ್ಣ–0, ಒಟ್ಟು–0, ಪರಿಹಾರ ಪಾವತಿಸಿದ ವಿವರ–0, ಬಾಕಿ–0. ಶಿಗ್ಗಾವಿ: ದೊಡ್ಡ–0, ಸಣ್ಣ–0, ಒಟ್ಟು–0, ಪರಿಹಾರ ಪಾವತಿಸಿದ ವಿವರ–0, ಬಾಕಿ–0. ಸವಣೂರು: ದೊಡ್ಡ–0, ಸಣ್ಣ–0, ಒಟ್ಟು–0, ಪರಿಹಾರ ಪಾವತಿಸಿದ ವಿವರ–0, ಬಾಕಿ–0. ಹಾನಗಲ್: ದೊಡ್ಡ–0, ಸಣ್ಣ–0, ಒಟ್ಟು–0, ಪರಿಹಾರ ಪಾವತಿಸಿದ ವಿವರ–0, ಬಾಕಿ–0. ಬ್ಯಾಡಗಿ: ದೊಡ್ಡ–0, ಸಣ್ಣ–0, ಒಟ್ಟು–0, ಪರಿಹಾರ ಪಾವತಿಸಿದ ವಿವರ–0, ಬಾಕಿ–0. ಹಿರೇಕೆರೂರು: ದೊಡ್ಡ–0, ಸಣ್ಣ–22, ಒಟ್ಟು–22, ಪರಿಹಾರ ಪಾವತಿಸಿದ ವಿವರ–1,04,000/–, ಬಾಕಿ–0. ರಟ್ಟೀಹಳ್ಳಿ: ದೊಡ್ಡ–0, ಸಣ್ಣ–0, ಒಟ್ಟು–0, ಪರಿಹಾರ ಪಾವತಿಸಿದ ವಿವರ–0, ಬಾಕಿ–0. ಒಟ್ಟು: ದೊಡ್ಡ–0, ಸಣ್ಣ–22, ಒಟ್ಟು–22, ಪರಿಹಾರ ಪಾವತಿಸಿದ ವಿವರ–1,04,000/–, ಬಾಕಿ–0.
ಕುರಿ 1 ಆಕಳು ಕರು ಸಾವನ್ನಪ್ಪಿದೆ. 2. ಏ.9 ರಂದು ಹಿರೇಕೆರೂರು ತಾಲೂಕು ಹೊಲಬಿಕೊಂಡ ಗ್ರಾಮದ ವಿಶ್ವಾಲ ಭೀಮಪ್ಪ ಬಣ್ಣಿ ಎಂಬುವವರ 15 ಕುರಿ ಹಾಗೂ 4 ಆಡು ಮಳೆ ಹಾಗೂ ಸಿಡಿಲಿನ ಹೊಡೆತಕ್ಕೆ ಸಾವನ್ನಪ್ಪಿದೆ. ಬೆಳೆ ಹಾನಿ ವಿವರ: 2025–26ನೇ ಸಾಲಿನ ಪೂರ್ವ ಮುಂಗಾರು ಮಳೆಯಿಂದ ಏ.25 ರಂತೆ ಬೆಳೆ ಹಾನಿ ವಿವರ ಇಂತಿದೆ. ರಾಣೇಬೆನ್ನೂರು: ತಾಲೂಕಿನಲ್ಲಿ 29.0 ಹೆಕ್ಟೇರ್ ಕೃಷಿ ಬೆಳೆ ನಾಶವಾಗಿದ್ದು, 4.93 ಲಕ್ಷ ರೂ. ನಷ್ಟವಾಗಿದೆ. 21.0 ಹೆಕ್ಟೇರ್ ತೋಟಗಾರಿಕೆ ಬೆಳೆ ನಾಶವಾಗಿದ್ದು, 3.57 ಲಕ್ಷ ರೂ. ನಷ್ಟವಾಗಿದೆ. ಇದರಲ್ಲಿ ಮೆಕ್ಕೆಜೋಳ, ಬಾಳೆ, ಹೂಕೋಸು, ಇತರೆ ತರಕಾರಿ ಬೆಳೆಗಳಿವೆ. ಹಾವೇರಿ: ತಾಲೂಕಿನಲ್ಲಿ 65.0 ಹೆಕ್ಟೇರ್ ಕೃಷಿ ಬೆಳೆ ನಾಶವಾಗಿದ್ದು, 11.05 ಲಕ್ಷ ರೂ. ನಷ್ಟವಾಗಿದೆ. 4.9 ಹೆಕ್ಟೇರ್ ತೋಟಗಾರಿಕೆ ಬೆಳೆ ನಾಶವಾಗಿದ್ದು, 0.83 ಲಕ್ಷ ರೂ. ನಷ್ಟವಾಗಿದೆ. ಶಿಗ್ಗಾವಿ: ತಾಲೂಕಿನಲ್ಲಿ 0.0 ಹೆಕ್ಟೇರ್ ಕೃಷಿ ಬೆಳೆ ನಾಶವಾಗಿದ್ದು, 0.0 ಲಕ್ಷ ರೂ. ನಷ್ಟವಾಗಿದೆ. ಸವಣೂರು: ತಾಲೂಕಿನಲ್ಲಿ 0.0 ಹೆಕ್ಟೇರ್ ಕೃಷಿ ಬೆಳೆ ನಾಶವಾಗಿದ್ದು, 0.0 ಲಕ್ಷ ರೂ. ನಷ್ಟವಾಗಿದೆ. 7.3 ಹೆಕ್ಟೇರ್ ತೋಟಗಾರಿಕೆ ಬೆಳೆ ನಾಶವಾಗಿದ್ದು, 1.24 ಲಕ್ಷ ರೂ. ನಷ್ಟವಾಗಿದೆ. ಹಿರೇಕೆರೂರು: ತಾಲೂಕಿನಲ್ಲಿ 18 ಹೆಕ್ಟೇರ್ ಕೃಷಿ ಬೆಳೆ ನಾಶವಾಗಿದ್ದು, 3.06 ಲಕ್ಷ ರೂ. ನಷ್ಟವಾಗಿದೆ.
ರೂ. ನಷ್ಟವಾಗಿದೆ. ಇದರಲ್ಲಿ ಗೋವಿನಜೋಳ, ಬಾಳೆ ಬೆಳೆಗಳಿವೆ. ರಟ್ಟೀಹಳ್ಳಿ: ತಾಲೂಕಿನಲ್ಲಿ 20 ಹೆಕ್ಟೇರ್ ಕೃಷಿ ಬೆಳೆ ನಾಶವಾಗಿದ್ದು, 3.4 ಲಕ್ಷ ರೂ. ನಷ್ಟವಾಗಿದೆ. 3.07 ಹೆಕ್ಟೇರ್ ತೋಟಗಾರಿಕೆ ಬೆಳೆ ನಾಶವಾಗಿದ್ದು, 0.52 ಲಕ್ಷ ರೂ. ನಷ್ಟವಾಗಿದೆ. ಇದರಲ್ಲಿ ಬಾಳೆ ಹಾಗೂ ಪಪ್ಪಾಯ ಬೆಳೆಗಳಿವೆ. ಶಿಗ್ಗಾವಿ: ತಾಲೂಕಿನಲ್ಲಿ 0.0 ಹೆಕ್ಟೇರ್ ಕೃಷಿ ಬೆಳೆ ನಾಶವಾಗಿದ್ದು, 0.0 ಲಕ್ಷ ರೂ. ನಷ್ಟವಾಗಿದೆ. 1.28 ಹೆಕ್ಟೇರ್ ತೋಟಗಾರಿಕೆ ಬೆಳೆ ನಾಶವಾಗಿದ್ದು, 0.22 ಲಕ್ಷ ರೂ. ನಷ್ಟವಾಗಿದೆ. ಇದರಲ್ಲಿ ಬಾಳೆ ಬೆಳೆಗಳಿವೆ. ಒಟ್ಟು 132 ಹೆಕ್ಟೇರ್ ಕೃಷಿ ಬೆಳೆ ನಾಶವಾಗಿದ್ದು, 22.44 ಲಕ್ಷ ರೂ. ನಷ್ಟವಾಗಿದೆ. 46.04 ಹೆಕ್ಟೇರ್ ತೋಟಗಾರಿಕೆ ಬೆಳೆ ನಾಶವಾಗಿದ್ದು, 7.83 ಲಕ್ಷ ರೂ. ನಷ್ಟವಾಗಿದೆ. ಮೂಲಭೂತ ಸೌಕರ್ಯ ಹಾನಿ ವಿವರ: ಬ್ಯಾಡಗಿ: ತಾಲೂಕಿನಲ್ಲಿ 34 ವಿದ್ಯುತ್ ಕಂಬಗಳು ಹಾನಿಯಾಗಿದ್ದು, 3.4 ಲಕ್ಷ ರೂ. ನಷ್ಟವಾಗಿದೆ. ಹಾನಗಲ್: ತಾಲೂಕಿನಲ್ಲಿ 141 ವಿದ್ಯುತ್ ಕಂಬಗಳು ಹಾನಿಯಾಗಿದ್ದು, 141 ಲಕ್ಷ ರೂ. ನಷ್ಟವಾಗಿದೆ. ಹಾವೇರಿ: ತಾಲೂಕಿನಲ್ಲಿ 1 ಶಾಲೆಗೆ ಹಾನಿಯಾಗಿದ್ದು, 4.00 ಲಕ್ಷ ರೂ. ನಷ್ಟ. 204 ವಿದ್ಯುತ್ ಕಂಬಗಳು ಹಾನಿಯಾಗಿದ್ದು, 20.4 ಲಕ್ಷ ರೂ. ನಷ್ಟ, 2 ವಿದ್ಯುತ್ ಟಿ.ಸಿ ಹಾಗೂ ವಿದ್ಯುತ್ ತಂತಿ ಹಾನಿಯಾಗಿದ್ದು, 18 ಲಕ್ಷ ರೂ. ನಷ್ಟವಾಗಿದೆ. ಒಟ್ಟು 42.55 ಲಕ್ಷ ರೂ. ನಷ್ಟವಾಗಿದೆ. ಹಿರೇಕೆರೂರು: ತಾಲೂಕಿನಲ್ಲಿ 1 ಶಾಲೆಗೆ ಹಾನಿಯಾಗಿದ್ದು, 2.00 ಲಕ್ಷ ರೂ. ನಷ್ಟ. 104 ವಿದ್ಯುತ್ ಕಂಬಗಳು ಹಾನಿಯಾಗಿದ್ದು, 10.4 ಲಕ್ಷ ರೂ. ನಷ್ಟ, ಒಟ್ಟು 14.45 ಲಕ್ಷ ರೂ. ನಷ್ಟವಾಗಿದೆ. ರಾಣೇಬೆನ್ನೂರು: ತಾಲೂಕಿನಲ್ಲಿ 1 ಶಾಲೆಗೆ ಹಾನಿಯಾಗಿದ್ದು, 48 ವಿದ್ಯುತ್ ಕಂಬಗಳು ಹಾನಿಯಾಗಿದ್ದು, 4.8 ಲಕ್ಷ ರೂ. ನಷ್ಟವಾಗಿದೆ. ಶಿಗ್ಗಾವಿ: ತಾಲೂಕಿನಲ್ಲಿ 1 ಶಾಲೆಗೆ ಹಾನಿಯಾಗಿದ್ದು, 6.00 ಲಕ್ಷ ರೂ. ನಷ್ಟ, 39 ವಿದ್ಯುತ್ ಕಂಬಗಳು ಹಾನಿಯಾಗಿದ್ದು, 3.9 ಲಕ್ಷ ರೂ. ನಷ್ಟವಾಗಿದೆ.
ನಷ್ಟ ಸೇರಿದಂತೆ ಒಟ್ಟು 10.6 ಲಕ್ಷ ರೂ. ನಷ್ಟವಾಗಿದೆ. ಸವಣೂರು: ತಾಲೂಕಿನಲ್ಲಿ 122 ವಿದ್ಯುತ್ ಕಂಬಗಳು ಹಾನಿಯಾಗಿದ್ದು, 12.2 ಲಕ್ಷ ರೂ. ನಷ್ಟ, ಹಾಗೂ ವಿದ್ಯುತ್ ತಂತಿ (ಕಿ.ಮೀ) 1.2 ಹಾನಿಯಾಗಿದ್ದು, 0.6 ಲಕ್ಷ ರೂ. ನಷ್ಟ ಸೇರಿದಂತೆ ಒಟ್ಟು 12.8 ಲಕ್ಷ ರೂ. ನಷ್ಟವಾಗಿದೆ. ರಟ್ಟೀಹಳ್ಳಿ: ತಾಲೂಕಿನಲ್ಲಿ 1 ಶಾಲೆಗೆ ಹಾನಿಯಾಗಿದ್ದು, 6.00 ಲಕ್ಷ ರೂ. ನಷ್ಟ, 50 ವಿದ್ಯುತ್ ಕಂಬಗಳು ಹಾನಿಯಾಗಿದ್ದು, 5 ಲಕ್ಷ ರೂ. ನಷ್ಟ ಸೇರಿದಂತೆ ಒಟ್ಟು 11 ಲಕ್ಷ ರೂ. ನಷ್ಟವಾಗಿದೆ. ಒಟ್ಟು: 5 ಶಾಲೆಗಳಿಗೆ ಹಾನಿ–18 ಲಕ್ಷ ರೂ. ನಷ್ಟ 742 ವಿದ್ಯುತ್ ಕಂಬಗಳಿಗೆ ಹಾನಿ–74.2 ಲಕ್ಷ ರೂ. ನಷ್ಟ 4 ವಿದ್ಯುತ್ ಟ್ರಾನ್ಸಫಾರ್ಮರ್ ಹಾನಿ–4 ಲಕ್ಷ ರೂ. ನಷ್ಟ 2 ವಿದ್ಯುತ್ ಟ್ರಾನ್ಸಫಾರ್ಮರ್ (110 ಕೆವಿ) ಹಾನಿ–18 ಲಕ್ಷ ರೂ. ನಷ್ಟ 2.99 ವಿದ್ಯುತ್ ತಂತಿ (ಕಿ.ಮೀ) ಹಾನಿ–1.5 ಲಕ್ಷ ರೂ. ನಷ್ಟ ಸೇರಿದಂತೆ ಒಟ್ಟು 115.7 ಲಕ್ಷ ರೂ. ನಷ್ಟವಾಗಿದೆ.
2 ಮನವ ಕೊಟ್ಟಗಿ, 5 ರೇಷ್ಮೆ ಮನೆ, 6 ರೇಷ್ಮೆ ಶೆಡ್‌ಗಳಿಗೆ ಹಾನಿ: ರಟ್ಟೀಹಳ್ಳಿ ತಾಲೂಕಿನ ಗುಂಡಗಟ್ಟಿ ಗ್ರಾಮದಲ್ಲಿ –1 ಹಾಗೂ ಸವಣೂರು ತಾಲೂಕಿನ ಕಳಸಾಪುರ ಗ್ರಾಮದಲ್ಲಿ 01 ಸೇರಿದಂತೆ ಜಿಲ್ಲೆಯಲ್ಲಿ ಒಟ್ಟು 2 ಮನವ ಕೊಟ್ಟಗಿಗಳು ಹಾನಿಯಾಗಿದೆ. ಜಿಲ್ಲೆಯಲ್ಲಿ ಏ.15ರಂದು ಗಾಳಿ, ಮಳೆಗೆ ಸವಣೂರು ತಾಲೂಕಿನಲ್ಲಿ 5 ರೇಷ್ಮೆ ಮನೆ ಮತ್ತು 6 ರೇಷ್ಮೆ ಶೆಡ್‌ಗಳು ಹಾನಿಗೊಳಗಾಗಿವೆ, ಸಿದ್ದಾಪುರ, ಬೈರಾಪುರ, ಚಿಕ್ಕಮರಳಿಹಳ್ಳಿ ಹಾಗೂ ಮಲ್ಲಾಪುರ ಗ್ರಾಮದಲ್ಲಿ ಒಟ್ಟು 16.96 ಹೆಕ್ಟೇರ್ ರೇಷ್ಮೆ ಬೆಳೆಯು ಹಾನಿಯಾದ ಬಗ್ಗೆ ವರದಿಯಾಗಿದೆ. 1 ಮಾನವ ಜೀವಹಾನಿ ವಿವರ: ಶಿಗ್ಗಾವಿ ತಾಲೂಕು ಹುಲಿಕಟ್ಟಿ ಗ್ರಾಮದ ಮಾಲತೇಶ ಸೋಮಪ್ಪ ಗಡ್ಡಿ ಅವರು ದಿನಾಂಕ: 24.04.2025ರಂದು ಮಾಹುನುಸತಿಕೊಳ್ಳಿ ಗ್ರಾಮದಲ್ಲಿ ಸಂಜೆ 5.30 ರ ಸುಮಾರಿಗೆ ಸಿಡಿಲು ಬಡಿದು ಮೃತಪಟ್ಟಿರುತ್ತಾರೆ. ಸದರಿ ಪ್ರಕರಣದ ಬಗ್ಗೆ ಪರಿಹಾರ ವಿತರಣೆ ಬಾಕಿ ಇರುತ್ತದೆ.
115.7 ಲಕ್ಷ ರೂ. ಮೂಲಭೂತ ಸೌಕರ್ಯ ಹಾನಿ: 5 ಶಾಲೆಗಳಿಗೆ ಹಾನಿ–18 ಲಕ್ಷ ರೂ. ನಷ್ಟ 742 ವಿದ್ಯುತ್ ಕಂಬಗಳಿಗೆ ಹಾನಿ–74.2 ಲಕ್ಷ ರೂ. ನಷ್ಟ 4 ವಿದ್ಯುತ್ ಟ್ರಾನ್ಸಫಾರ್ಮರ್ ಹಾನಿ–4 ಲಕ್ಷ ರೂ. ನಷ್ಟ 2 ವಿದ್ಯುತ್ ಟ್ರಾನ್ಸಫಾರ್ಮರ್ (110 ಕೆವಿ) ಹಾನಿ–18 ಲಕ್ಷ ರೂ. ನಷ್ಟ 2.99 ವಿದ್ಯುತ್ ತಂತಿ (ಕಿ.ಮೀ) ಹಾನಿ–1.5 ಲಕ್ಷ ರೂ. ನಷ್ಟ ಸೇರಿದಂತೆ ಒಟ್ಟು 115.7 ಲಕ್ಷ ರೂ. ನಷ್ಟವಾಗಿದೆ.
PANADAVA REGIONAL KANNADA DAILY MORNING, Editor, Printer & Owner by :S.T. VEDAMURTHY, A.P.M.C Road, Halageri Chawl, Ranebennur - 581 115
Haveri - Dist, Karnataka State, Printed at : GAYATHRI PUBLICATIONS, Nekar Colony, Industrial Area, Ranebennur, Haveri Dist, Karnataka State
